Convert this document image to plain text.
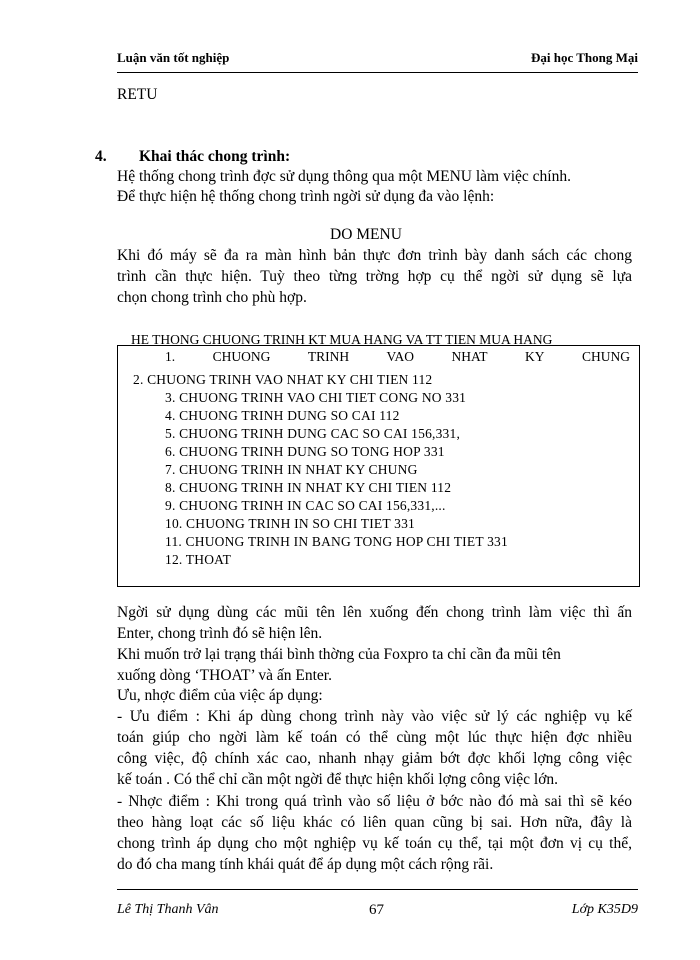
Luận văn tốt nghiệp	Đại học Thong Mại
RETU
4. Khai thác chong trình:
Hệ thống chong trình đợc sử dụng thông qua một MENU làm việc chính.
Để thực hiện hệ thống chong trình ngời sử dụng đa vào lệnh:
DO MENU
Khi đó máy sẽ đa ra màn hình bản thực đơn trình bày danh sách các chong
trình cần thực hiện. Tuỳ theo từng trờng hợp cụ thể ngời sử dụng sẽ lựa
chọn chong trình cho phù hợp.
HE THONG CHUONG TRINH KT MUA HANG VA TT TIEN MUA HANG
1.	CHUONG	TRINH	VAO	NHAT	KY	CHUNG
2. CHUONG TRINH VAO NHAT KY CHI TIEN 112
3. CHUONG TRINH VAO CHI TIET CONG NO 331
4. CHUONG TRINH DUNG SO CAI 112
5. CHUONG TRINH DUNG CAC SO CAI 156,331,
6. CHUONG TRINH DUNG SO TONG HOP 331
7. CHUONG TRINH IN NHAT KY CHUNG
8. CHUONG TRINH IN NHAT KY CHI TIEN 112
9. CHUONG TRINH IN CAC SO CAI 156,331,...
10. CHUONG TRINH IN SO CHI TIET 331
11. CHUONG TRINH IN BANG TONG HOP CHI TIET 331
12. THOAT
Ngời sử dụng dùng các mũi tên lên xuống đến chong trình làm việc thì ấn
Enter, chong trình đó sẽ hiện lên.
Khi muốn trở lại trạng thái bình thờng của Foxpro ta chỉ cần đa mũi tên
xuống dòng ‘THOAT’ và ấn Enter.
Ưu, nhợc điểm của việc áp dụng:
- Ưu điểm : Khi áp dùng chong trình này vào việc sử lý các nghiệp vụ kế
toán giúp cho ngời làm kế toán có thể cùng một lúc thực hiện đợc nhiều
công việc, độ chính xác cao, nhanh nhạy giảm bớt đợc khối lợng công việc
kế toán . Có thể chỉ cần một ngời để thực hiện khối lợng công việc lớn.
- Nhợc điểm : Khi trong quá trình vào số liệu ở bớc nào đó mà sai thì sẽ kéo
theo hàng loạt các số liệu khác có liên quan cũng bị sai. Hơn nữa, đây là
chong trình áp dụng cho một nghiệp vụ kế toán cụ thể, tại một đơn vị cụ thể,
do đó cha mang tính khái quát để áp dụng một cách rộng rãi.
Lê Thị Thanh Vân	67	Lớp K35D9
